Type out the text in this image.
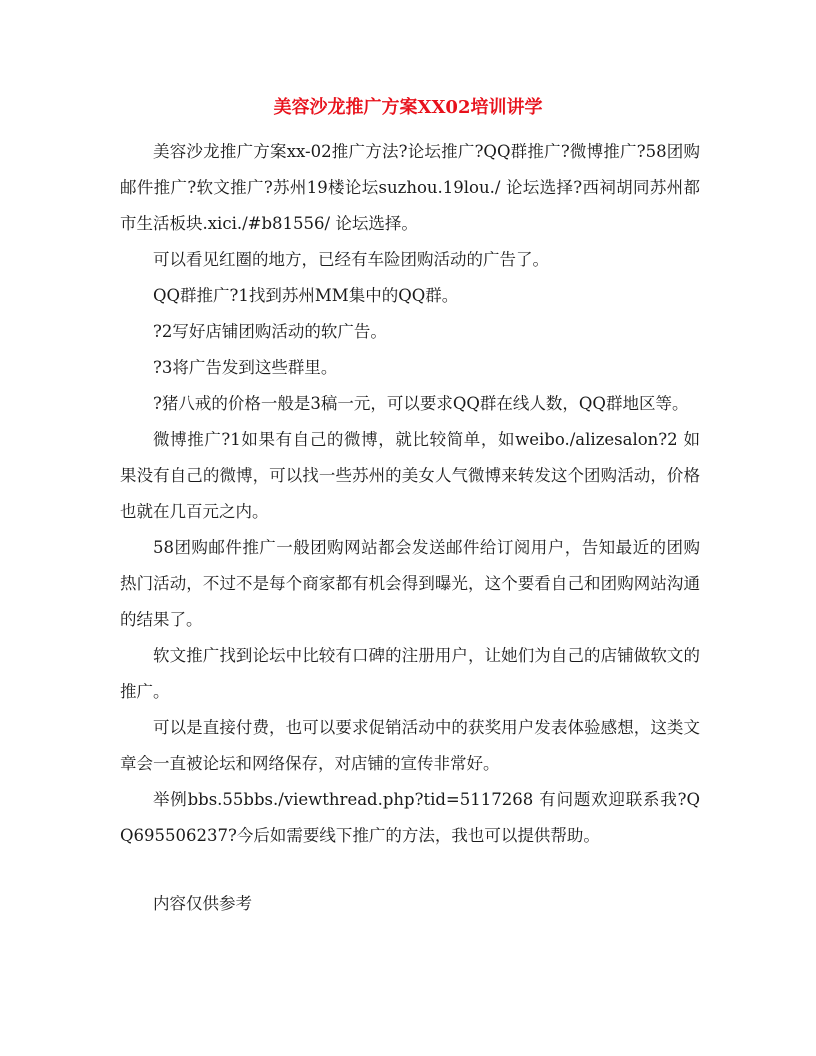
美容沙龙推广方案XX02培训讲学

美容沙龙推广方案xx-02推广方法?论坛推广?QQ群推广?微博推广?58团购邮件推广?软文推广?苏州19楼论坛suzhou.19lou./ 论坛选择?西祠胡同苏州都市生活板块.xici./#b81556/ 论坛选择。

可以看见红圈的地方，已经有车险团购活动的广告了。

QQ群推广?1找到苏州MM集中的QQ群。

?2写好店铺团购活动的软广告。

?3将广告发到这些群里。

?猪八戒的价格一般是3稿一元，可以要求QQ群在线人数，QQ群地区等。

微博推广?1如果有自己的微博，就比较简单，如weibo./alizesalon?2 如果没有自己的微博，可以找一些苏州的美女人气微博来转发这个团购活动，价格也就在几百元之内。

58团购邮件推广一般团购网站都会发送邮件给订阅用户，告知最近的团购热门活动，不过不是每个商家都有机会得到曝光，这个要看自己和团购网站沟通的结果了。

软文推广找到论坛中比较有口碑的注册用户，让她们为自己的店铺做软文的推广。

可以是直接付费，也可以要求促销活动中的获奖用户发表体验感想，这类文章会一直被论坛和网络保存，对店铺的宣传非常好。

举例bbs.55bbs./viewthread.php?tid=5117268 有问题欢迎联系我?QQ695506237?今后如需要线下推广的方法，我也可以提供帮助。

内容仅供参考
